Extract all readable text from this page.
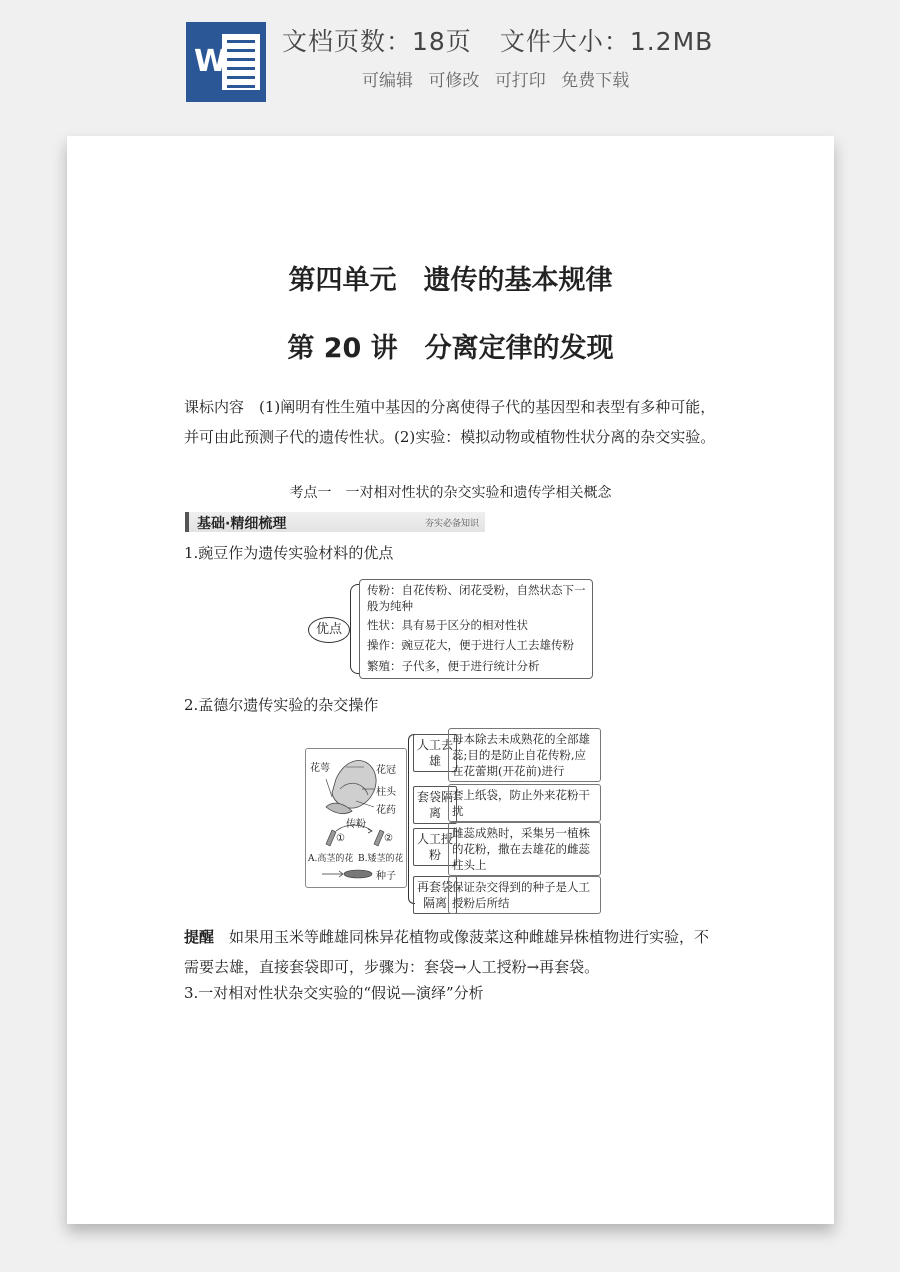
W
文档页数：18页 文件大小：1.2MB
可编辑 可修改 可打印 免费下载
第四单元　遗传的基本规律
第 20 讲　分离定律的发现
课标内容　(1)阐明有性生殖中基因的分离使得子代的基因型和表型有多种可能，并可由此预测子代的遗传性状。(2)实验：模拟动物或植物性状分离的杂交实验。
考点一　一对相对性状的杂交实验和遗传学相关概念
基础·精细梳理	夯实必备知识
1.豌豆作为遗传实验材料的优点
优点
传粉：自花传粉、闭花受粉，自然状态下一般为纯种
性状：具有易于区分的相对性状
操作：豌豆花大，便于进行人工去雄传粉
繁殖：子代多，便于进行统计分析
2.孟德尔遗传实验的杂交操作
花萼	花冠
柱头
花药
传粉
①	②
A.高茎的花 B.矮茎的花
种子
人工去雄
母本除去未成熟花的全部雄蕊;目的是防止自花传粉,应在花蕾期(开花前)进行
套袋隔离
套上纸袋，防止外来花粉干扰
人工授粉
雌蕊成熟时，采集另一植株的花粉，撒在去雄花的雌蕊柱头上
再套袋隔离
保证杂交得到的种子是人工授粉后所结
提醒　如果用玉米等雌雄同株异花植物或像菠菜这种雌雄异株植物进行实验，不需要去雄，直接套袋即可，步骤为：套袋→人工授粉→再套袋。
3.一对相对性状杂交实验的“假说—演绎”分析
